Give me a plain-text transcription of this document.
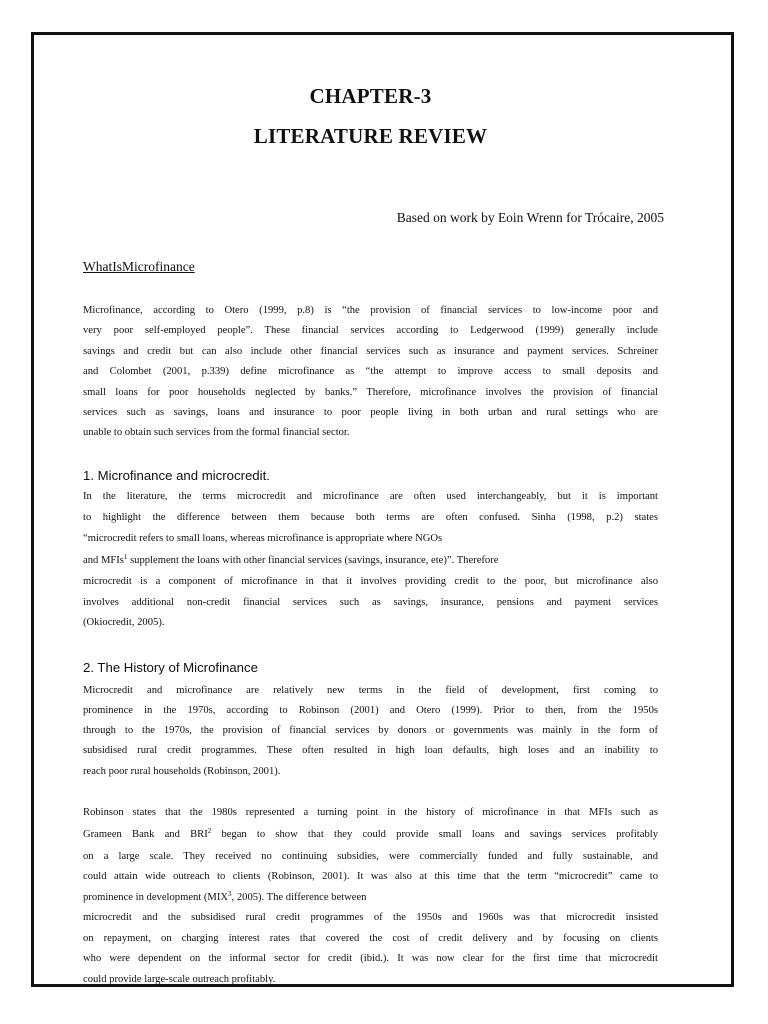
CHAPTER-3
LITERATURE REVIEW
Based on work by Eoin Wrenn for Trócaire, 2005
WhatIsMicrofinance
Microfinance, according to Otero (1999, p.8) is “the provision of financial services to low-income poor and
very poor self-employed people”. These financial services according to Ledgerwood (1999) generally include
savings and credit but can also include other financial services such as insurance and payment services. Schreiner
and Colombet (2001, p.339) define microfinance as “the attempt to improve access to small deposits and
small loans for poor households neglected by banks.” Therefore, microfinance involves the provision of financial
services such as savings, loans and insurance to poor people living in both urban and rural settings who are
unable to obtain such services from the formal financial sector.
1. Microfinance and microcredit.
In the literature, the terms microcredit and microfinance are often used interchangeably, but it is important
to highlight the difference between them because both terms are often confused. Sinha (1998, p.2) states
“microcredit refers to small loans, whereas microfinance is appropriate where NGOs
and MFIs$^1$ supplement the loans with other financial services (savings, insurance, ete)”. Therefore
microcredit is a component of microfinance in that it involves providing credit to the poor, but microfinance also
involves additional non-credit financial services such as savings, insurance, pensions and payment services
(Okiocredit, 2005).
2. The History of Microfinance
Microcredit and microfinance are relatively new terms in the field of development, first coming to
prominence in the 1970s, according to Robinson (2001) and Otero (1999). Prior to then, from the 1950s
through to the 1970s, the provision of financial services by donors or governments was mainly in the form of
subsidised rural credit programmes. These often resulted in high loan defaults, high loses and an inability to
reach poor rural households (Robinson, 2001).
Robinson states that the 1980s represented a turning point in the history of microfinance in that MFIs such as
Grameen Bank and BRI$^2$ began to show that they could provide small loans and savings services profitably
on a large scale. They received no continuing subsidies, were commercially funded and fully sustainable, and
could attain wide outreach to clients (Robinson, 2001). It was also at this time that the term “microcredit” came to
prominence in development (MIX$^3$, 2005). The difference between
microcredit and the subsidised rural credit programmes of the 1950s and 1960s was that microcredit insisted
on repayment, on charging interest rates that covered the cost of credit delivery and by focusing on clients
who were dependent on the informal sector for credit (ibid.). It was now clear for the first time that microcredit
could provide large-scale outreach profitably.
